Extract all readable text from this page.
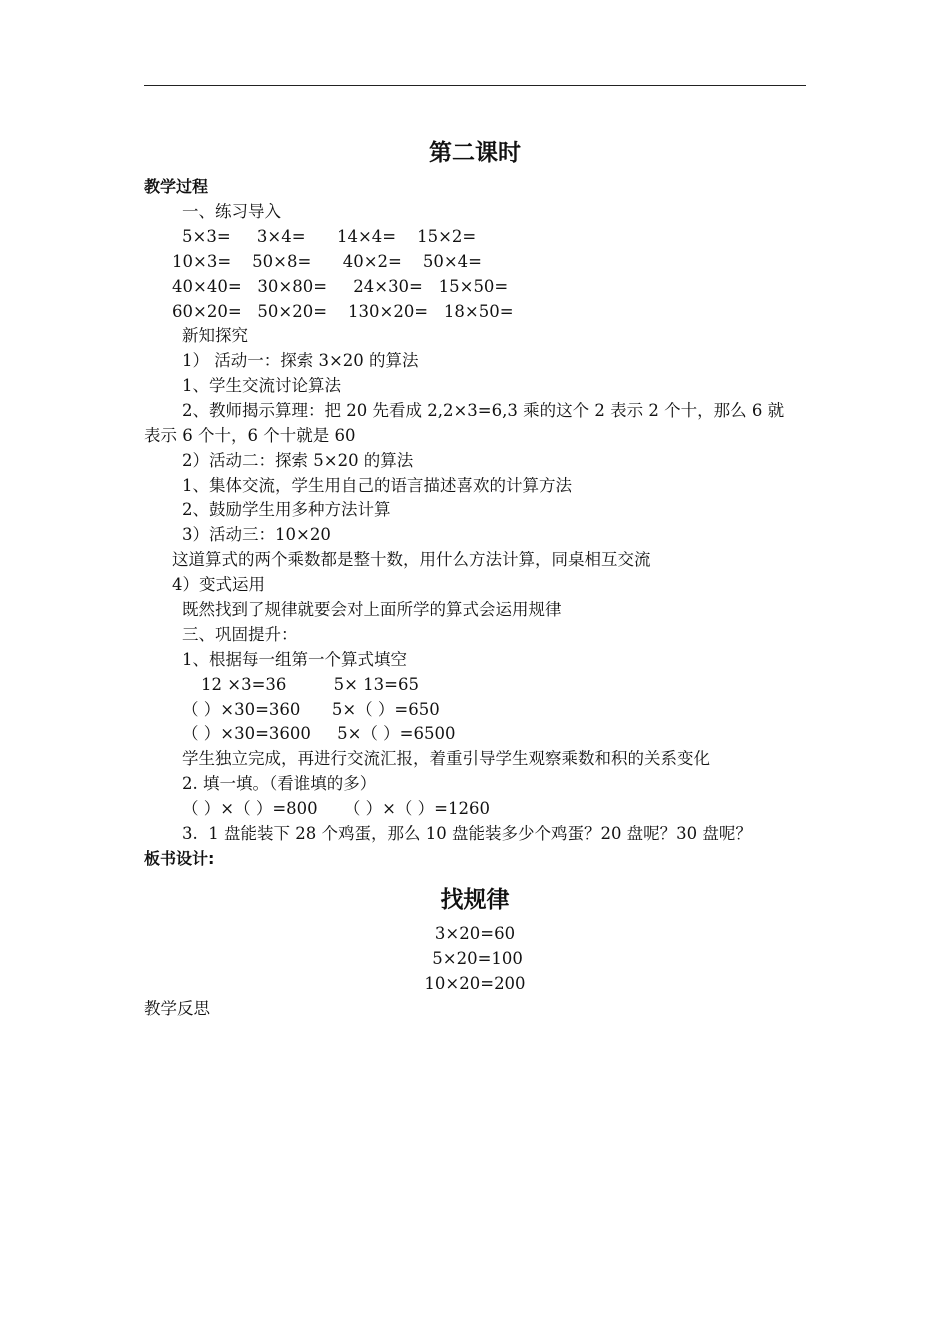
第二课时
教学过程
一、练习导入
5×3=     3×4=      14×4=    15×2=
10×3=    50×8=      40×2=    50×4=
40×40=   30×80=     24×30=   15×50=
60×20=   50×20=    130×20=   18×50=
新知探究
1） 活动一：探索 3×20 的算法
1、学生交流讨论算法
2、教师揭示算理：把 20 先看成 2,2×3=6,3 乘的这个 2 表示 2 个十，那么 6 就
表示 6 个十，6 个十就是 60
2）活动二：探索 5×20 的算法
1、集体交流，学生用自己的语言描述喜欢的计算方法
2、鼓励学生用多种方法计算
3）活动三：10×20
这道算式的两个乘数都是整十数，用什么方法计算，同桌相互交流
4）变式运用
既然找到了规律就要会对上面所学的算式会运用规律
三、巩固提升：
1、根据每一组第一个算式填空
12 ×3=36         5× 13=65
（ ）×30=360      5×（ ）=650
（ ）×30=3600     5×（ ）=6500
学生独立完成，再进行交流汇报，着重引导学生观察乘数和积的关系变化
2. 填一填。（看谁填的多）
（ ）×（ ）=800     （ ）×（ ）=1260
3.  1 盘能装下 28 个鸡蛋，那么 10 盘能装多少个鸡蛋？20 盘呢？30 盘呢？
板书设计:
找规律
3×20=60
5×20=100
10×20=200
教学反思
